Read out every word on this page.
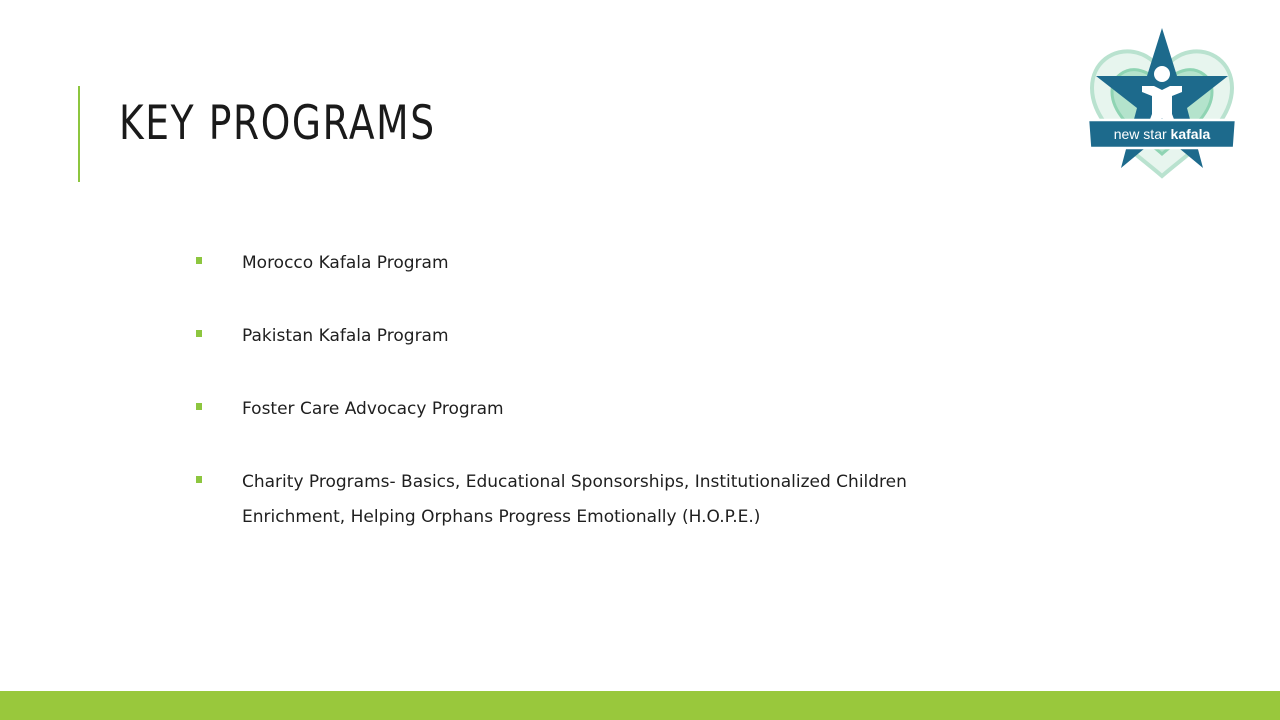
KEY PROGRAMS	new star kafala
Morocco Kafala Program
Pakistan Kafala Program
Foster Care Advocacy Program
Charity Programs- Basics, Educational Sponsorships, Institutionalized Children Enrichment, Helping Orphans Progress Emotionally (H.O.P.E.)
